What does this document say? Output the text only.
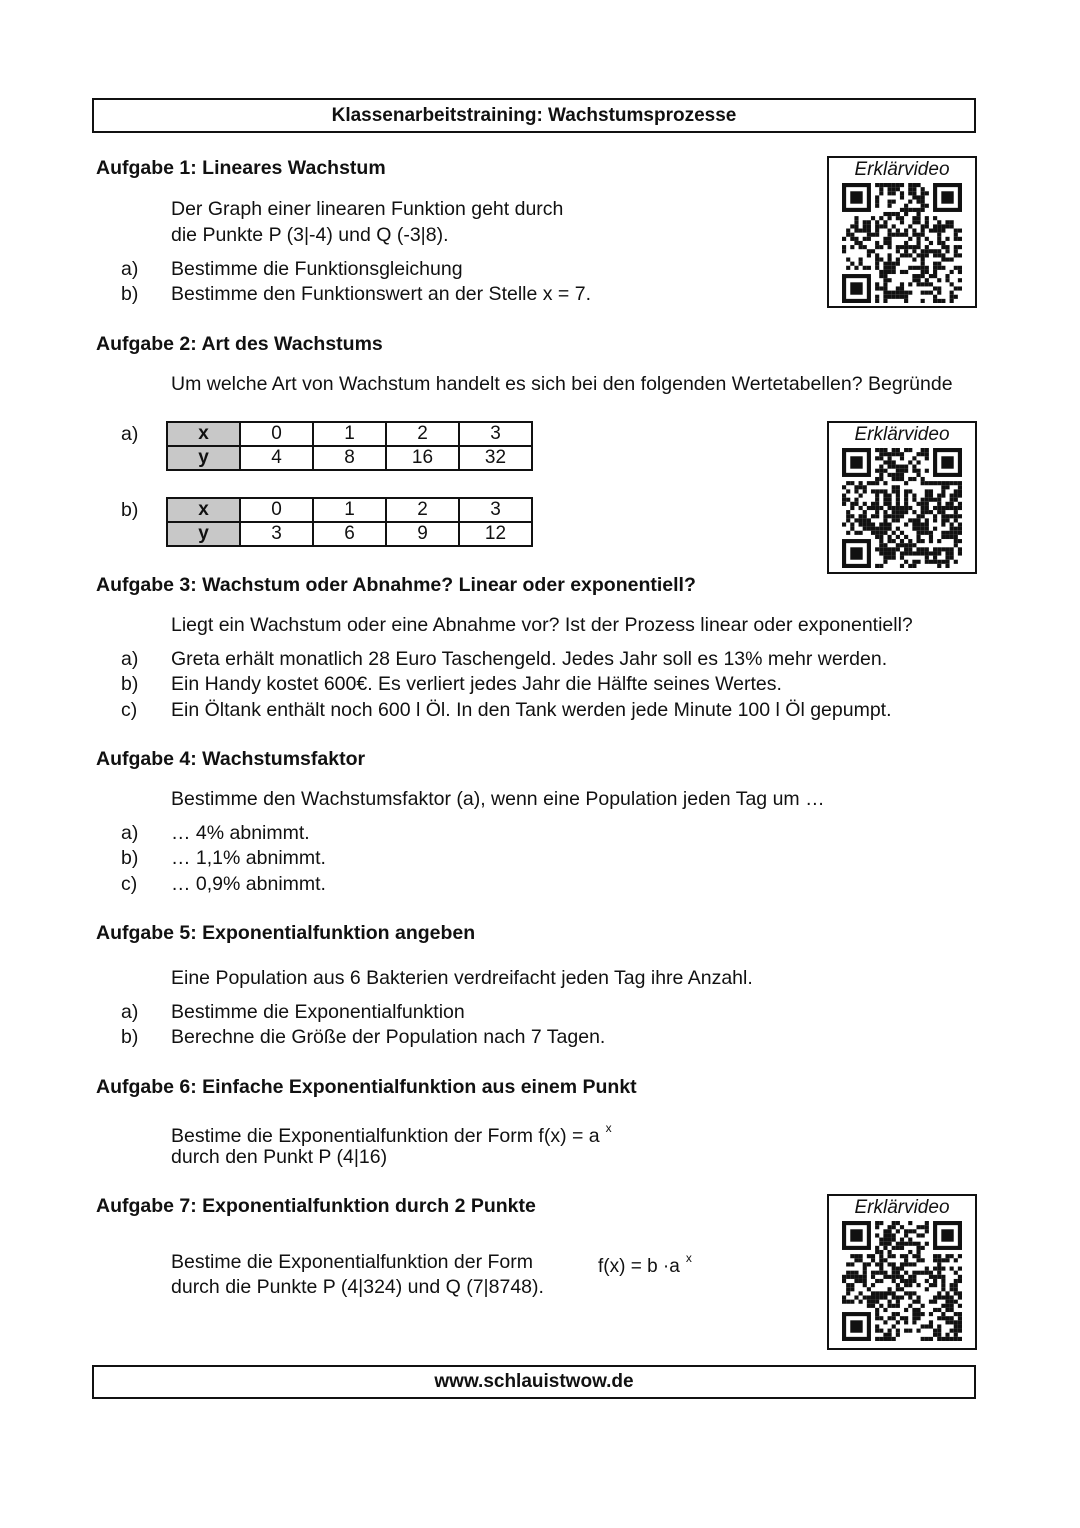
Klassenarbeitstraining: Wachstumsprozesse
Aufgabe 1: Lineares Wachstum
Der Graph einer linearen Funktion geht durch
die Punkte P (3|-4) und Q (-3|8).
a) Bestimme die Funktionsgleichung
b) Bestimme den Funktionswert an der Stelle x = 7.
Erklärvideo
Aufgabe 2: Art des Wachstums
Um welche Art von Wachstum handelt es sich bei den folgenden Wertetabellen? Begründe
a)	x	0	1	2	3
y	4	8	16	32
b)	x	0	1	2	3
y	3	6	9	12
Erklärvideo
Aufgabe 3: Wachstum oder Abnahme? Linear oder exponentiell?
Liegt ein Wachstum oder eine Abnahme vor? Ist der Prozess linear oder exponentiell?
a) Greta erhält monatlich 28 Euro Taschengeld. Jedes Jahr soll es 13% mehr werden.
b) Ein Handy kostet 600€. Es verliert jedes Jahr die Hälfte seines Wertes.
c) Ein Öltank enthält noch 600 l Öl. In den Tank werden jede Minute 100 l Öl gepumpt.
Aufgabe 4: Wachstumsfaktor
Bestimme den Wachstumsfaktor (a), wenn eine Population jeden Tag um …
a) … 4% abnimmt.
b) … 1,1% abnimmt.
c) … 0,9% abnimmt.
Aufgabe 5: Exponentialfunktion angeben
Eine Population aus 6 Bakterien verdreifacht jeden Tag ihre Anzahl.
a) Bestimme die Exponentialfunktion
b) Berechne die Größe der Population nach 7 Tagen.
Aufgabe 6: Einfache Exponentialfunktion aus einem Punkt
Bestime die Exponentialfunktion der Form f(x) = a $^x$
durch den Punkt P (4|16)
Aufgabe 7: Exponentialfunktion durch 2 Punkte
Bestime die Exponentialfunktion der Form	f(x) = b ·a $^x$
durch die Punkte P (4|324) und Q (7|8748).
Erklärvideo
www.schlauistwow.de
